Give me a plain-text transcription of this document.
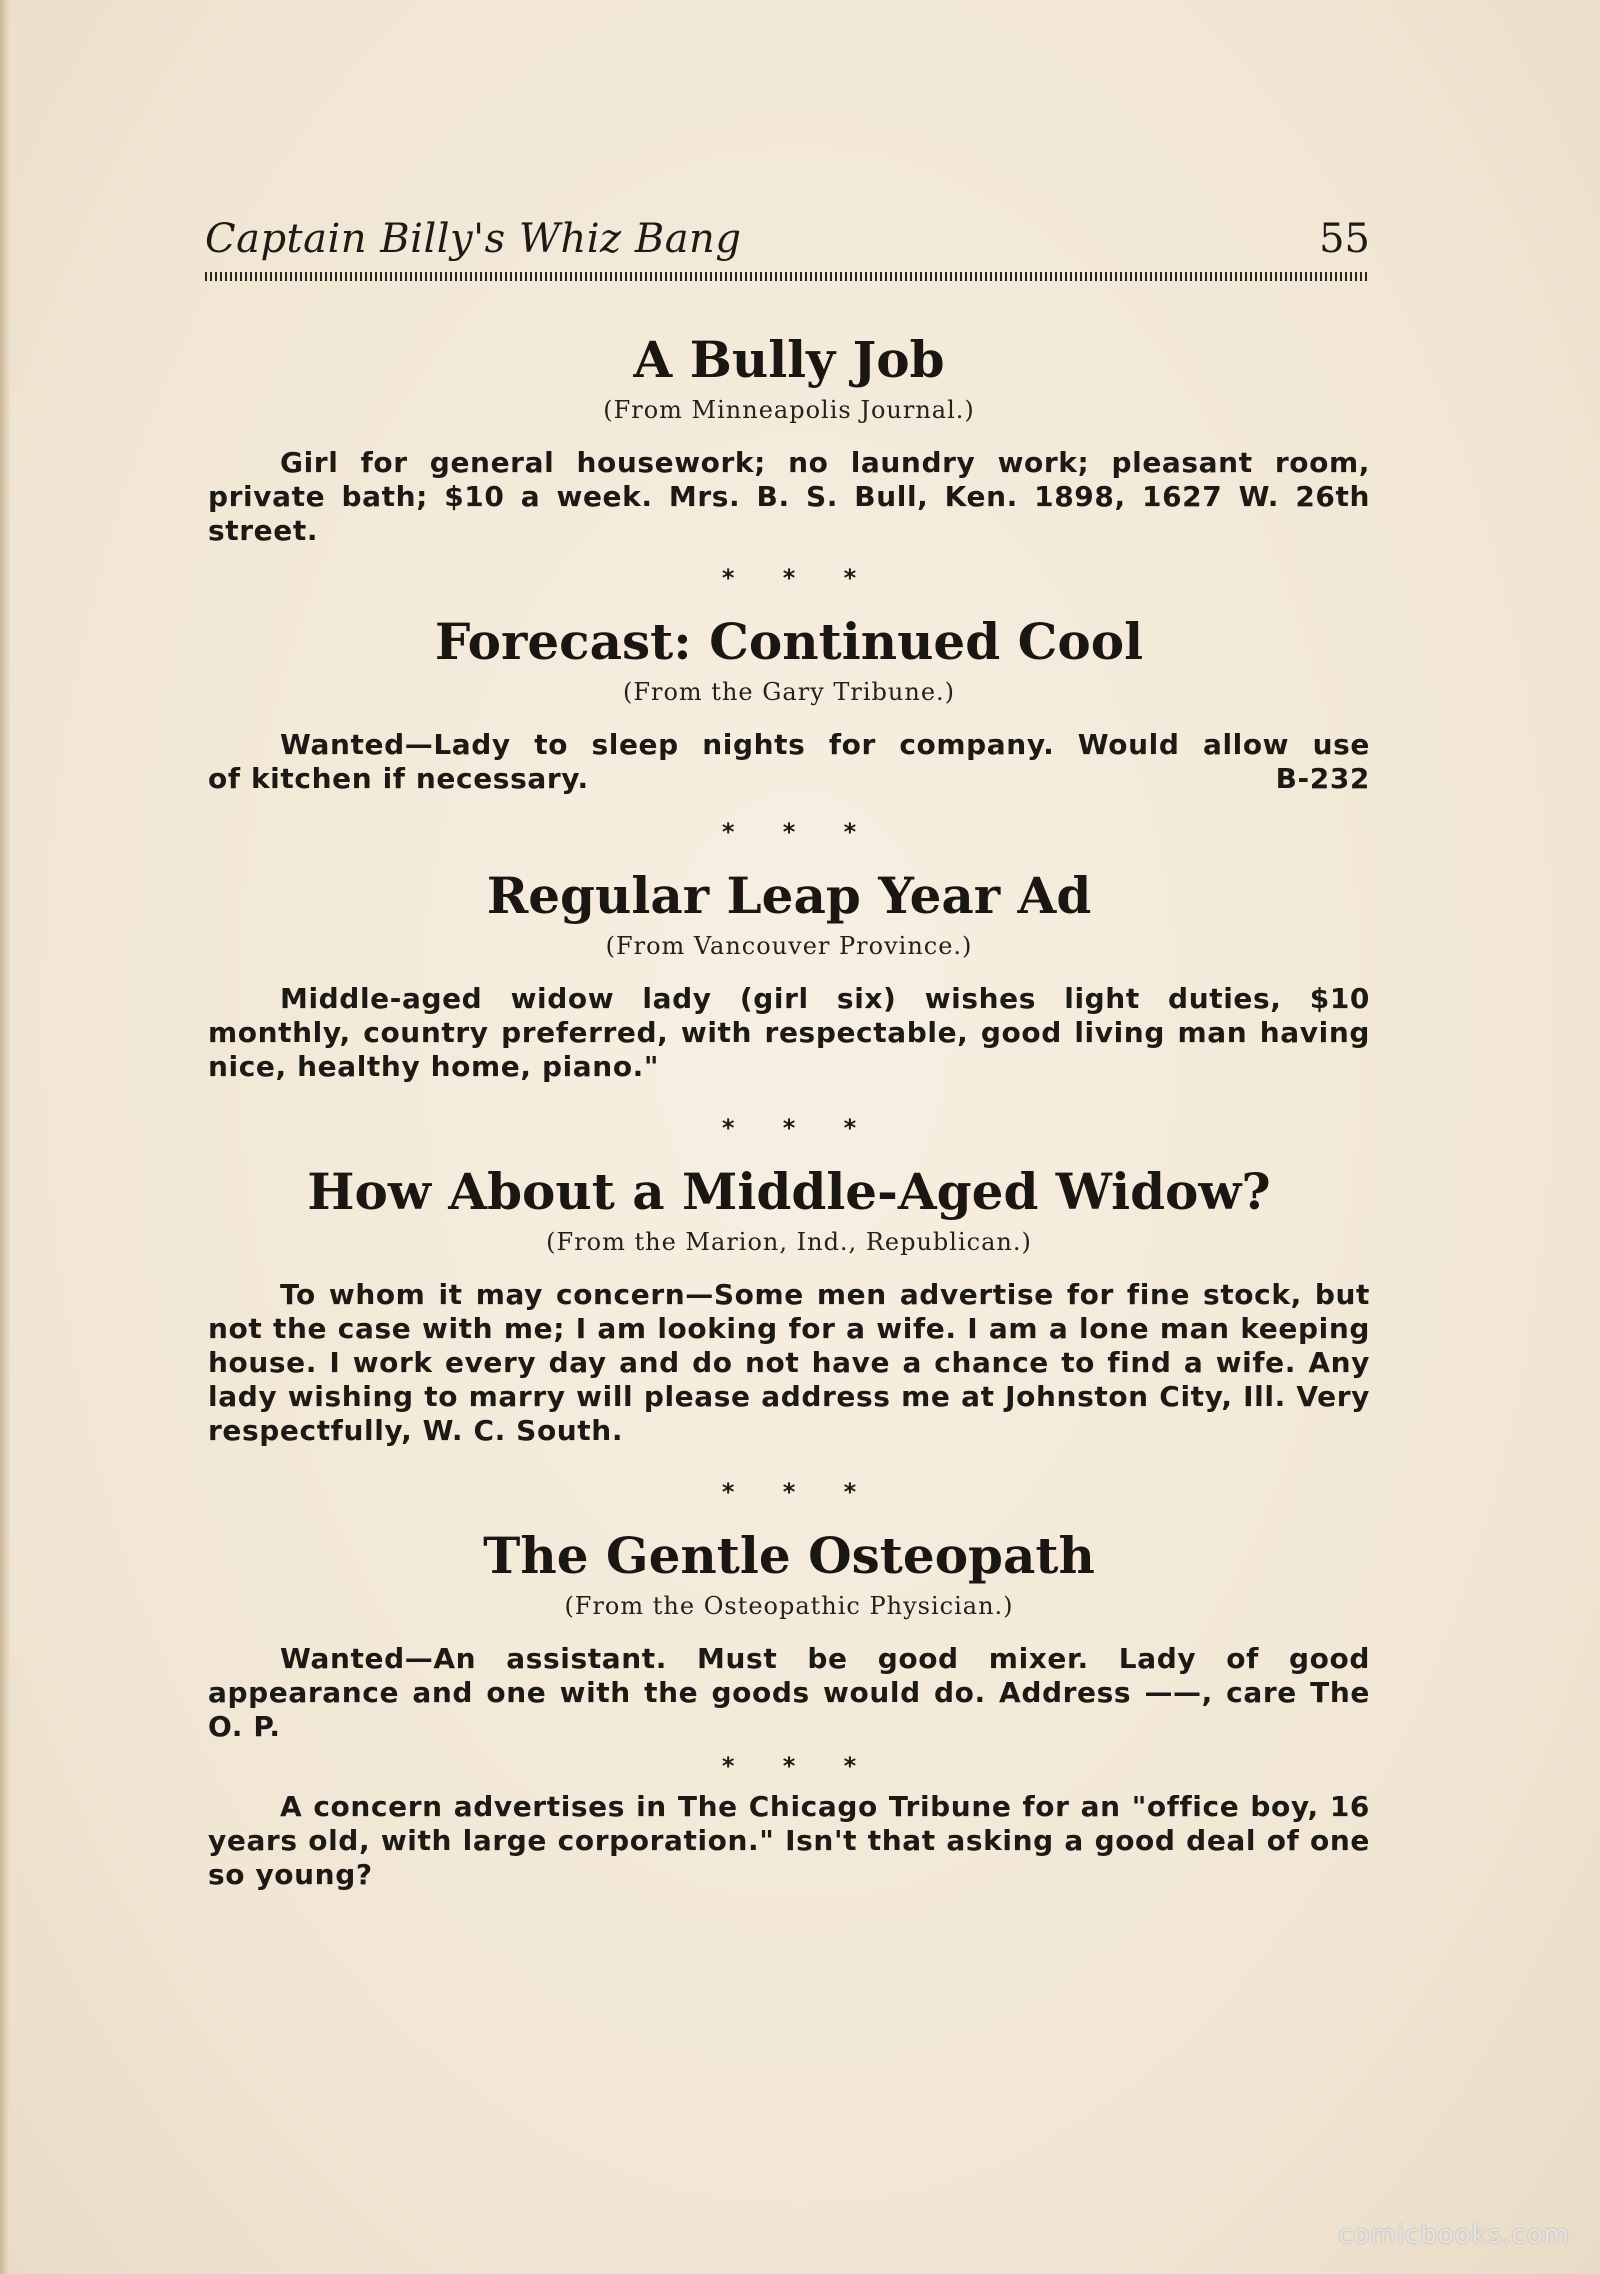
Captain Billy's Whiz Bang	55
A Bully Job
(From Minneapolis Journal.)

Girl for general housework; no laundry work; pleasant room, private bath; $10 a week. Mrs. B. S. Bull, Ken. 1898, 1627 W. 26th street.

* * *
Forecast: Continued Cool
(From the Gary Tribune.)

Wanted—Lady to sleep nights for company. Would allow use

of kitchen if necessary.	B-232
* * *
Regular Leap Year Ad
(From Vancouver Province.)

Middle-aged widow lady (girl six) wishes light duties, $10 monthly, country preferred, with respectable, good living man having nice, healthy home, piano."

* * *
How About a Middle-Aged Widow?
(From the Marion, Ind., Republican.)

To whom it may concern—Some men advertise for fine stock, but not the case with me; I am looking for a wife. I am a lone man keeping house. I work every day and do not have a chance to find a wife. Any lady wishing to marry will please address me at Johnston City, Ill. Very respectfully, W. C. South.

* * *
The Gentle Osteopath
(From the Osteopathic Physician.)

Wanted—An assistant. Must be good mixer. Lady of good appearance and one with the goods would do. Address ——, care The O. P.

* * *

A concern advertises in The Chicago Tribune for an "office boy, 16 years old, with large corporation." Isn't that asking a good deal of one so young?

comicbooks.com
